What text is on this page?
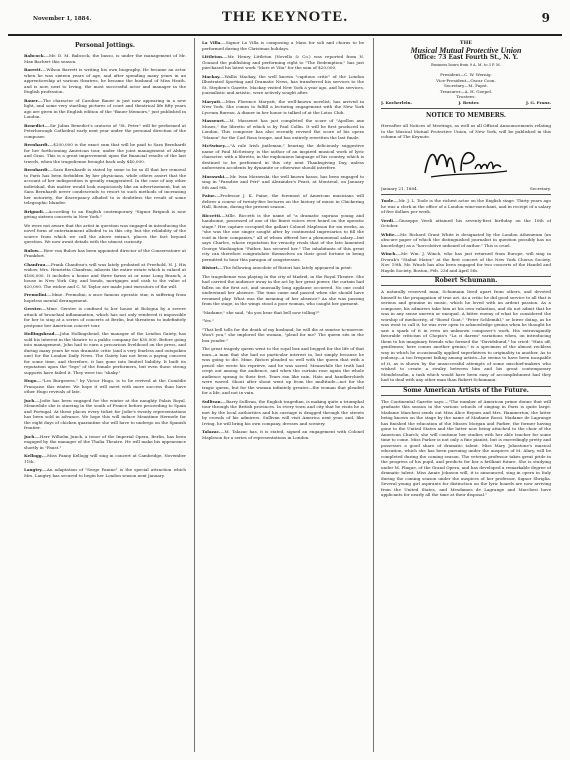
November 1, 1884.	THE KEYNOTE.	9
Personal Jottings.
Babcock.—Mr. D. M. Babcock, the basso, is under the management of Mr. Max Bachert this season.
Barrett.—Wilson Barrett is writing his own biography. He became an actor when he was sixteen years of age, and after spending many years in an apprenticeship at various theatres, he became the husband of Miss Heath, and is now, next to Irving, the most successful actor and manager in the English profession.
Bauer.—The character of Caroline Bauer is just now appearing in a new light, and some very startling pictures of court and theatrical life fifty years ago are given in the English edition of the "Bauer Memoirs," just published in London.
Benedict.—Sir Julius Benedict's oratorio of "St. Peter" will be performed at Peterborough Cathedral early next year under the personal direction of the composer.
Bernhardt.—$200,000 is the exact sum that will be paid to Sara Bernhardt for her forthcoming American tour, under the joint management of Abbey and Grau. This is a great improvement upon the financial results of the last travels, when the tragedienne brought back only $40,000.
Bernhardt.—Sara Bernhardt is stated by some to be so ill that her removal to Paris has been forbidden by her physicians, while others assert that the account of her indisposition is greatly exaggerated. In the case of any other individual, this matter would look suspiciously like an advertisement, but as Sara Bernhardt never condescends to resort to such methods of increasing her notoriety, the discrepancy alluded to is doubtless the result of some telegraphic blunder.
Brignoli.—According to an English contemporary "Signor Brignoli is now giving sixteen concerts in New York."
We were not aware that the artist in question was engaged in introducing the novel form of entertainment alluded to in this city, but the reliability of the source from which we cull the above extract, places the fact beyond question. We now await details with the utmost curiosity.
Bulow.—Herr von Bulow has been appointed director of the Conservatoire at Frankfort.
Chanfrau.—Frank Chanfrau's will was lately probated at Freehold, N. J. His widow, Mrs. Henrietta Chanfrau, inherits the entire estate which is valued at $160,000. It includes a house and three farms at or near Long Branch, a house in New York City, and bonds, mortgages and cash to the value of $20,000. The widow and C. W. Taylor are made joint executors of the will.
Fremolini.—Mme. Fremolini, a once famous operatic star, is suffering from hopeless mental derangement.
Gerster.—Mme. Gerster is confined to her house at Bologna by a severe attack of bronchial inflammation, which has not only rendered it impossible for her to sing at a series of concerts at Berlin, but threatens to indefinitely postpone her American concert tour.
Hollingshead.—John Hollingshead, the manager of the London Gaiety, has sold his interest in the theatre to a public company for $30,000. Before going into management, John had to earn a precarious livelihood on the press, and during many years he was dramatic critic (and a very fearless and outspoken one) for the London Daily News. The Gaiety has not been a paying concern for some time, and therefore, it has gone into limited liability. It built its reputation upon the "legs" of the female performers, but even those strong supports have failed it. They were too "shaky."
Hugo.—"Les Burgraves," by Victor Hugo, is to be revived at the Comédie Française this winter. We hope it will meet with more success than have other Hugo revivals of late.
Juch.—Jodie has been engaged for the winter at the naughty Palais Royal. Meanwhile she is starring in the south of France before proceeding to Spain and Portugal. At these places every ticket for Jodie's twenty representations has been sold in advance. We hope this will induce Meantime Hermele for the eight days of chicken quarantine she will have to undergo on the Spanish frontier.
Juch.—Herr Wilhelm Junck, a tenor of the Imperial Opera, Berlin, has been engaged by the manager of the Thalia Theatre. He will make his appearance shortly in "Faust."
Kellogg.—Miss Fanny Kellogg will sing in concert at Cambridge, November 11th.
Langtry.—An adaptation of "Serge Panine" is the special attraction which Mrs. Langtry has secured to begin her London season next January.
La Villa.—Signor La Villa is composing a Mass for soli and chorus to be performed during the Christmas holidays.
Littleton.—Mr. Henry Littleton (Novello & Co.) was reported from N. Gounod the publishing and performing right to "The Redemption," has just purchased his latest work "Mors et Vita" for the sum of $20,000.
Mackay.—Wallis Mackay, the well known "capitous critic" of the London Illustrated Sporting and Dramatic News, has transferred his services to the St. Stephen's Gazette. Mackay visited New York a year ago, and his services, journalistic and artistic, were actively sought after.
Maryatt.—Miss Florence Maryatt, the well-known novelist, has arrived in New York. She comes to fulfill a lecturing engagement with the New York Lyceum Bureau. A dinner in her honor is talked of at the Lotos Club.
Massenet.—M. Massenet has just completed the score of "Apollon aux Muses," the libretto of which is by Paul Collin. It will be first produced in London. This composer has also recently revised the score of his opera "Manon" for the Carl Rosa troupe, and has entirely rewritten the last finale.
McSwiney.—"A rale Irish jintleman," bearing the deliciously suggestive name of Paul McSwiney, is the author of an inspired musical work of lyric character, with a libretto, in the euphonious language of his country, which is destined to be performed in this city next Thanksgiving Day, unless unforeseen accidents by dynamite or otherwise should interfere.
Morawski.—Mr. Ivan Morawski, the well known basso, has been engaged to sing in "Paradise and Peri" and Alexander's Feast, at Montreal, on January 8th and 9th.
Paine.—Professor J. K. Paine, the foremost of American musicians will deliver a course of twenty-five lectures on the history of music in Chickering Hall, Boston, during the present season.
Riccetti.—Mlle. Riccetti is the name of "a dramatic soprano young and handsome, possessed of one of the finest voices ever heard on the operatic stage." Her capture occupied the gallant Colonel Mapleson for six weeks, as "she was the one singer sought after by continental impresarios to fill the void in their companies," all of whom offered her a phenomenal salary—but says Charles, whose reputation for veracity rivals that of the late lamented George Washington "Father, has secured her." The inhabitants of this great city can therefore congratulate themselves on their good fortune in being permitted to hear this paragon of songstresses.
Ristori.—The following anecdote of Ristori has lately appeared in print:
The tragedienne was playing in the city of Madrid, in the Royal Theatre. She had carried the audience away in the act by her great power, the curtain had fallen on the first act, and unusually long applause occurred. No one could understand her absence. The time came and passed when she should have resumed play. What was the meaning of her absence? As she was passing from the stage, in the wings stood a poor woman, who caught her garment.
"Madame," she said, "do you hear that bell now tolling?"
"Yes."
"That bell tolls for the death of my husband; he will die at sunrise to-morrow. Won't you," she implored the woman, "plead for me? The queen sits in the box yonder."
The great tragedy queen went to the royal box and begged for the life of that man—a man that she had no particular interest in, but simply because he was going to die. Mme. Ristori pleaded so well with the queen that with a pencil she wrote his reprieve, and he was saved. Meanwhile the truth had crept out among the audience, and when the curtain rose again the whole audience sprang to their feet. Tears ran like rain. Hats and handkerchiefs were waved. Shout after shout went up from the multitude—not for the tragic queen, but for the woman infinitely greater—the woman that pleaded for a life, and not in vain.
Sullivan.—Barry Sullivan, the English tragedian, is making quite a triumphal tour through the British provinces. In every town and city that he visits he is met by the local authorities and his carriage is dragged through the streets by crowds of his admirers. Sullivan will visit America next year, and, like Irving, he will bring his own company, dresses and scenery.
Talazac.—M. Talazac has, it is stated, signed an engagement with Colonel Mapleson for a series of representations in London.
THE
Musical Mutual Protective Union
Office: 73 East Fourth St., N. Y.
Business hours from 9 A. M. to 3 P. M.
President—C. W. Wernig.
Vice-President—Oscar Coon.
Secretary—M. Papst.
Treasurer—A. H. Goepel.
Trustees:
J. Kocherlein.	J. Reuter.	J. G. Franz.
NOTICE TO MEMBERS.
Hereafter all Notices of Meetings, as well as all Official Announcements relating to the Musical Mutual Protective Union, of New York, will be published in this column of The Keynote.
January 21, 1884.	Secretary.
Toole.—Mr. J. L. Toole is the richest actor on the English stage. Thirty years ago he was a clerk in the office of a London wine-merchant, and in receipt of a salary of five dollars per week.
Verdi.—Giuseppe Verdi attained his seventy-first birthday on the 10th of October.
White.—Mr. Richard Grant White is designated by the London Athenæum (an obscure paper of which the distinguished journalist in question possibly has no knowledge) as a "horcolotive unheard of author." This is cruel.
Winch.—Mr. Wm. J. Winch, who has just returned from Europe, will sing in Dvorak's "Stabat Mater," at the first concert of the New York Chorus Society, Nov. 19th. Mr. Winch has also been engaged for two concerts of the Handel and Haydn Society, Boston, Feb. 23d and April 5th.
Robert Schumann.
A naturally reserved man, Schumann lived apart from others, and devoted himself to the propagation of true art. As a critic he did good service to all that is serious and genuine in music, which he loved with an ardent passion. As a composer, his admirers take him at his own valuation, and do not admit that he was in any sense uneven or unequal. A bitter enemy of what he considered the worship of mediocrity, of "Boeuf Goat," "Peter Schlemihl," or lower doing, as he was wont to call it, he was ever open to acknowledge genius when he thought he saw a spark of it in even an unknown composer's work. His extravagantly favorable criticism of Chopin's "La ci darem" variations when, on introducing them to his imaginary friends who formed the "Davidsbund," he cried: "Hats off, gentlemen; here comes another genius," is a specimen of the almost reckless way in which he occasionally applied superlatives to originality in another. As to jealousy—a too frequent failing among artists—he seems to have been incapable of it, as is shown by the unsuccessful attempts of some mischief-makers who wished to create a rivalry between him and his great contemporary Mendelssohn, a task which would have been easy of accomplishment had they had to deal with any other man than Robert Schumann.
Some American Artists of the Future.
The Continental Gazette says:—"The number of American prime donne that will graduate this season in the various schools of singing in Paris is quite large. Madame Marchesi sends out Miss Alice Reynes and Mrs. Hammerton, the latter being known on the stage by the name of Madame Rossi. Madame de Lagrange has finished the education of the Misses Morgan and Parker, the former having gone to the United States and the latter now being attached to the choir of the American Church; she will continue her studies with her able teacher for some time to come. Miss Parker is not only a fine pianist, but is exceedingly pretty and possesses a good share of dramatic talent. Miss Mary Johnstone's musical education, which she has been pursuing under the auspices of M. Alary, will be completed during the coming season. The veteran professor takes great pride in the progress of his pupil, and predicts for her a brilliant future. She is studying under M. Plaque, of the Grand Opera, and has developed a remarkable degree of dramatic talent. Miss Annie Johnson will, it is announced, sing in opera in Italy during the coming season under the auspices of her professor, Signor Sbriglia. Several young girl aspirants for distinction on the lyric boards are now arriving from the United States, and Mesdames de Lagrange and Marchesi have applicants for nearly all the time at their disposal."
